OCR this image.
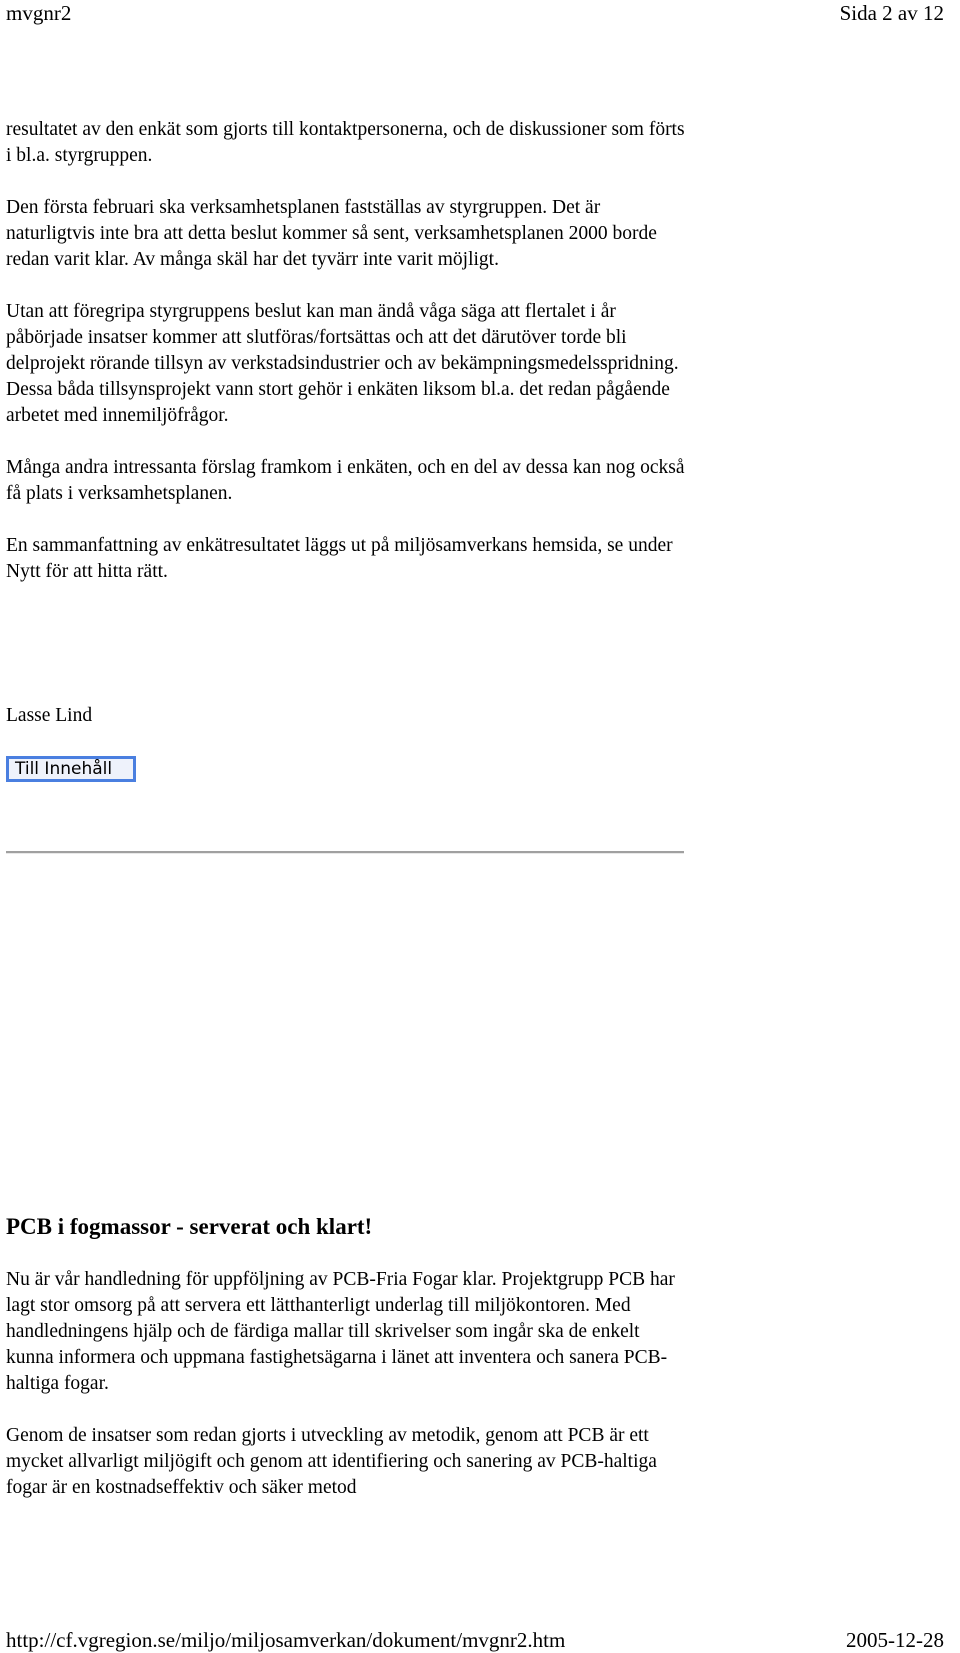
mvgnr2	Sida 2 av 12

resultatet av den enkät som gjorts till kontaktpersonerna, och de diskussioner som förts i bl.a. styrgruppen.

Den första februari ska verksamhetsplanen fastställas av styrgruppen. Det är naturligtvis inte bra att detta beslut kommer så sent, verksamhetsplanen 2000 borde redan varit klar. Av många skäl har det tyvärr inte varit möjligt.

Utan att föregripa styrgruppens beslut kan man ändå våga säga att flertalet i år påbörjade insatser kommer att slutföras/fortsättas och att det därutöver torde bli delprojekt rörande tillsyn av verkstadsindustrier och av bekämpningsmedelsspridning. Dessa båda tillsynsprojekt vann stort gehör i enkäten liksom bl.a. det redan pågående arbetet med innemiljöfrågor.

Många andra intressanta förslag framkom i enkäten, och en del av dessa kan nog också få plats i verksamhetsplanen.

En sammanfattning av enkätresultatet läggs ut på miljösamverkans hemsida, se under Nytt för att hitta rätt.

Lasse Lind
Till Innehåll
PCB i fogmassor - serverat och klart!

Nu är vår handledning för uppföljning av PCB-Fria Fogar klar. Projektgrupp PCB har lagt stor omsorg på att servera ett lätthanterligt underlag till miljökontoren. Med handledningens hjälp och de färdiga mallar till skrivelser som ingår ska de enkelt kunna informera och uppmana fastighetsägarna i länet att inventera och sanera PCB-haltiga fogar.

Genom de insatser som redan gjorts i utveckling av metodik, genom att PCB är ett mycket allvarligt miljögift och genom att identifiering och sanering av PCB-haltiga fogar är en kostnadseffektiv och säker metod

http://cf.vgregion.se/miljo/miljosamverkan/dokument/mvgnr2.htm	2005-12-28
